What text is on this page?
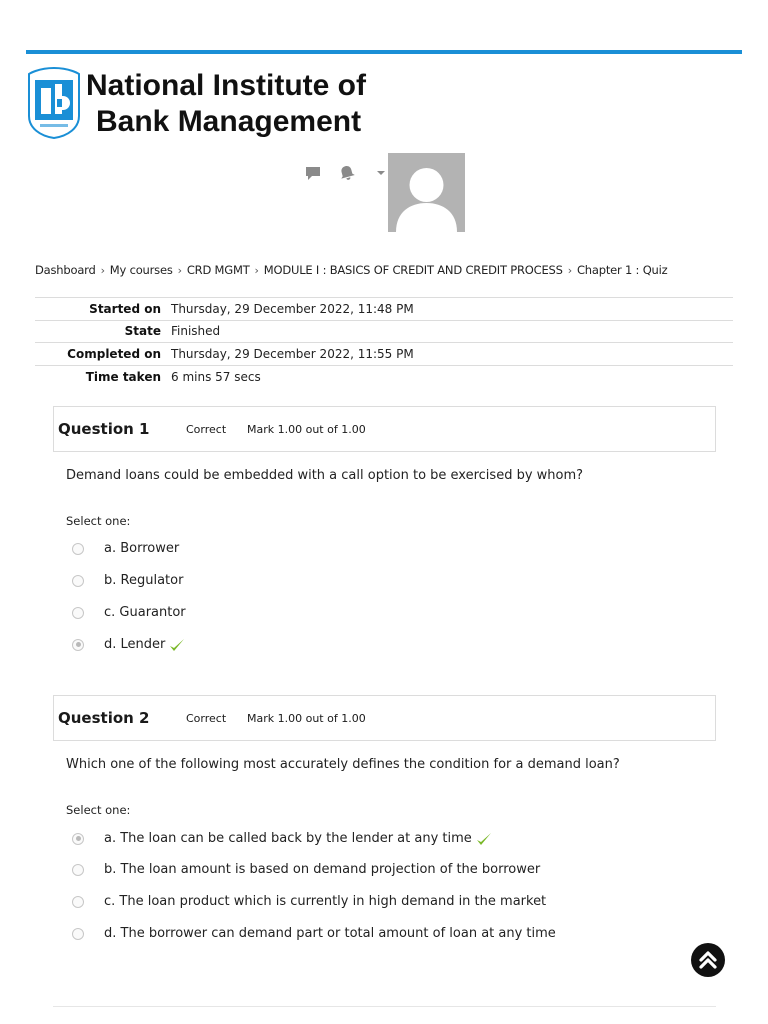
National Institute of
Bank Management
Dashboard › My courses › CRD MGMT › MODULE I : BASICS OF CREDIT AND CREDIT PROCESS › Chapter 1 : Quiz
Started on	Thursday, 29 December 2022, 11:48 PM
State	Finished
Completed on	Thursday, 29 December 2022, 11:55 PM
Time taken	6 mins 57 secs
Question 1	Correct	Mark 1.00 out of 1.00
Demand loans could be embedded with a call option to be exercised by whom?
Select one:
a. Borrower
b. Regulator
c. Guarantor
d. Lender
Question 2	Correct	Mark 1.00 out of 1.00
Which one of the following most accurately defines the condition for a demand loan?
Select one:
a. The loan can be called back by the lender at any time
b. The loan amount is based on demand projection of the borrower
c. The loan product which is currently in high demand in the market
d. The borrower can demand part or total amount of loan at any time
